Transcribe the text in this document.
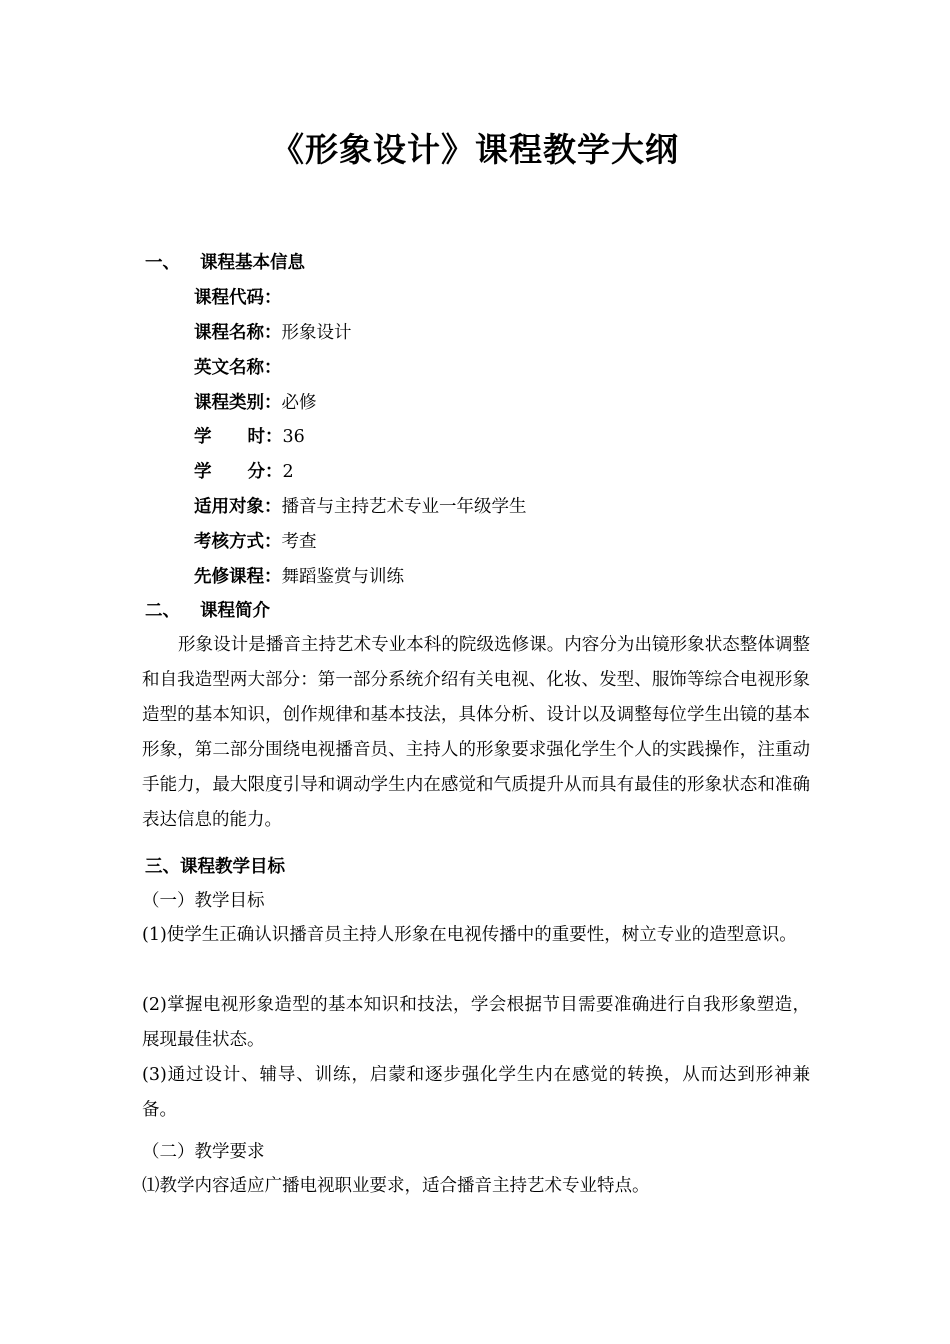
《形象设计》课程教学大纲
一、 课程基本信息
课程代码：
课程名称：形象设计
英文名称：
课程类别：必修
学 时：36
学 分：2
适用对象：播音与主持艺术专业一年级学生
考核方式：考查
先修课程：舞蹈鉴赏与训练
二、 课程简介
形象设计是播音主持艺术专业本科的院级选修课。内容分为出镜形象状态整体调整和自我造型两大部分：第一部分系统介绍有关电视、化妆、发型、服饰等综合电视形象造型的基本知识，创作规律和基本技法，具体分析、设计以及调整每位学生出镜的基本形象，第二部分围绕电视播音员、主持人的形象要求强化学生个人的实践操作，注重动手能力，最大限度引导和调动学生内在感觉和气质提升从而具有最佳的形象状态和准确表达信息的能力。
三、课程教学目标
（一）教学目标
(1)使学生正确认识播音员主持人形象在电视传播中的重要性，树立专业的造型意识。
(2)掌握电视形象造型的基本知识和技法，学会根据节目需要准确进行自我形象塑造，展现最佳状态。
(3)通过设计、辅导、训练，启蒙和逐步强化学生内在感觉的转换，从而达到形神兼备。
（二）教学要求
⑴教学内容适应广播电视职业要求，适合播音主持艺术专业特点。
